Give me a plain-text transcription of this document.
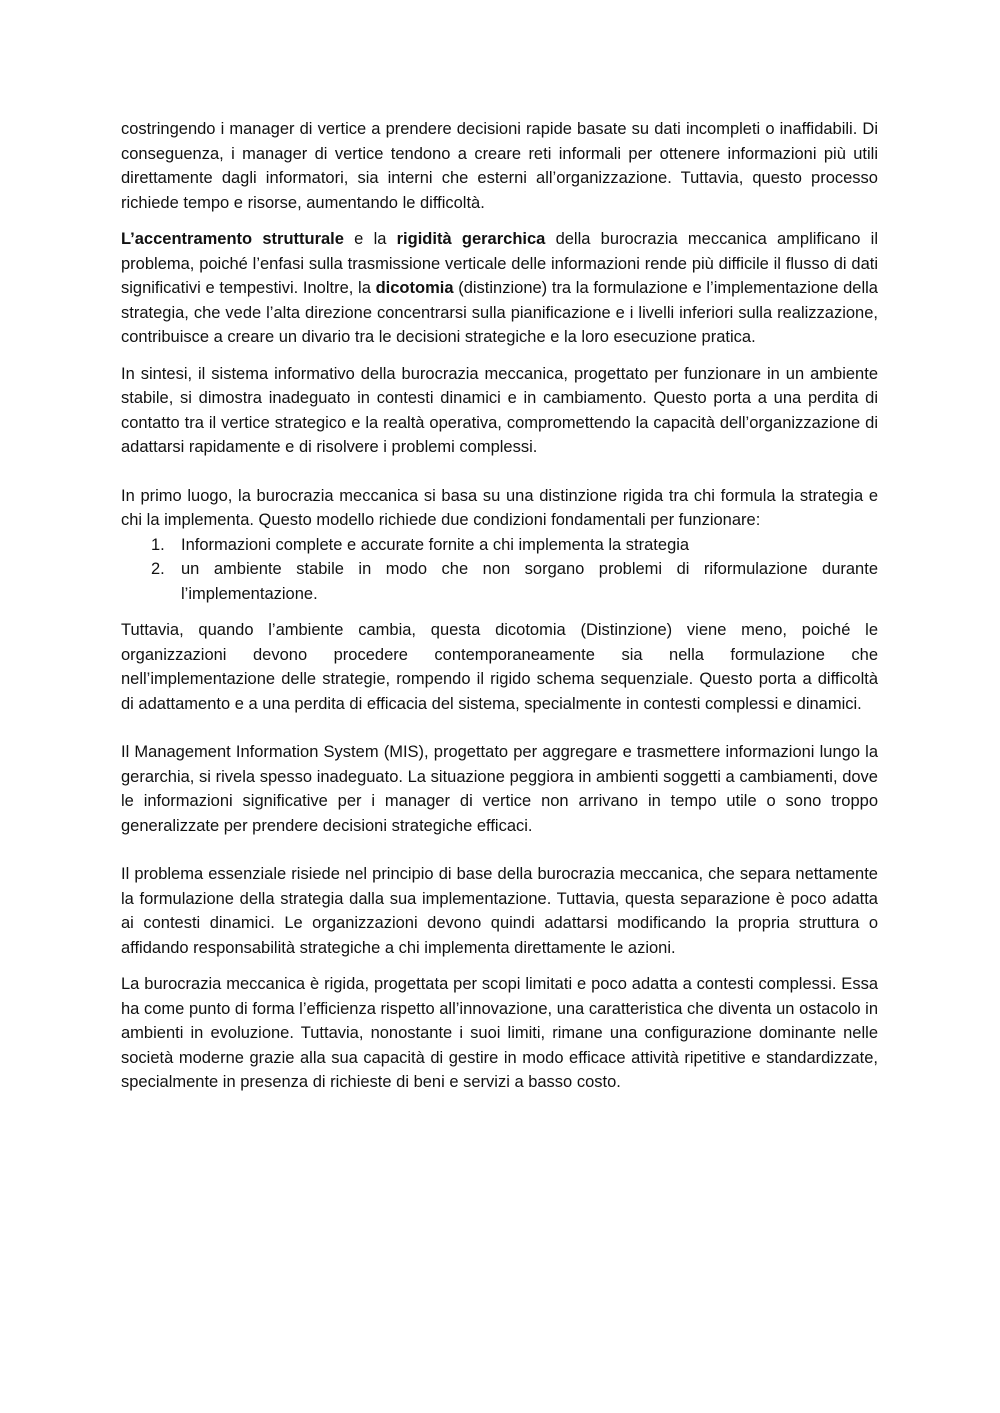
costringendo i manager di vertice a prendere decisioni rapide basate su dati incompleti o inaffidabili. Di conseguenza, i manager di vertice tendono a creare reti informali per ottenere informazioni più utili direttamente dagli informatori, sia interni che esterni all’organizzazione. Tuttavia, questo processo richiede tempo e risorse, aumentando le difficoltà.

L’accentramento strutturale e la rigidità gerarchica della burocrazia meccanica amplificano il problema, poiché l’enfasi sulla trasmissione verticale delle informazioni rende più difficile il flusso di dati significativi e tempestivi. Inoltre, la dicotomia (distinzione) tra la formulazione e l’implementazione della strategia, che vede l’alta direzione concentrarsi sulla pianificazione e i livelli inferiori sulla realizzazione, contribuisce a creare un divario tra le decisioni strategiche e la loro esecuzione pratica.

In sintesi, il sistema informativo della burocrazia meccanica, progettato per funzionare in un ambiente stabile, si dimostra inadeguato in contesti dinamici e in cambiamento. Questo porta a una perdita di contatto tra il vertice strategico e la realtà operativa, compromettendo la capacità dell’organizzazione di adattarsi rapidamente e di risolvere i problemi complessi.

In primo luogo, la burocrazia meccanica si basa su una distinzione rigida tra chi formula la strategia e chi la implementa. Questo modello richiede due condizioni fondamentali per funzionare:

1. Informazioni complete e accurate fornite a chi implementa la strategia
2. un ambiente stabile in modo che non sorgano problemi di riformulazione durante l’implementazione.

Tuttavia, quando l’ambiente cambia, questa dicotomia (Distinzione) viene meno, poiché le organizzazioni devono procedere contemporaneamente sia nella formulazione che nell’implementazione delle strategie, rompendo il rigido schema sequenziale. Questo porta a difficoltà di adattamento e a una perdita di efficacia del sistema, specialmente in contesti complessi e dinamici.

Il Management Information System (MIS), progettato per aggregare e trasmettere informazioni lungo la gerarchia, si rivela spesso inadeguato. La situazione peggiora in ambienti soggetti a cambiamenti, dove le informazioni significative per i manager di vertice non arrivano in tempo utile o sono troppo generalizzate per prendere decisioni strategiche efficaci.

Il problema essenziale risiede nel principio di base della burocrazia meccanica, che separa nettamente la formulazione della strategia dalla sua implementazione. Tuttavia, questa separazione è poco adatta ai contesti dinamici. Le organizzazioni devono quindi adattarsi modificando la propria struttura o affidando responsabilità strategiche a chi implementa direttamente le azioni.

La burocrazia meccanica è rigida, progettata per scopi limitati e poco adatta a contesti complessi. Essa ha come punto di forma l’efficienza rispetto all’innovazione, una caratteristica che diventa un ostacolo in ambienti in evoluzione. Tuttavia, nonostante i suoi limiti, rimane una configurazione dominante nelle società moderne grazie alla sua capacità di gestire in modo efficace attività ripetitive e standardizzate, specialmente in presenza di richieste di beni e servizi a basso costo.
